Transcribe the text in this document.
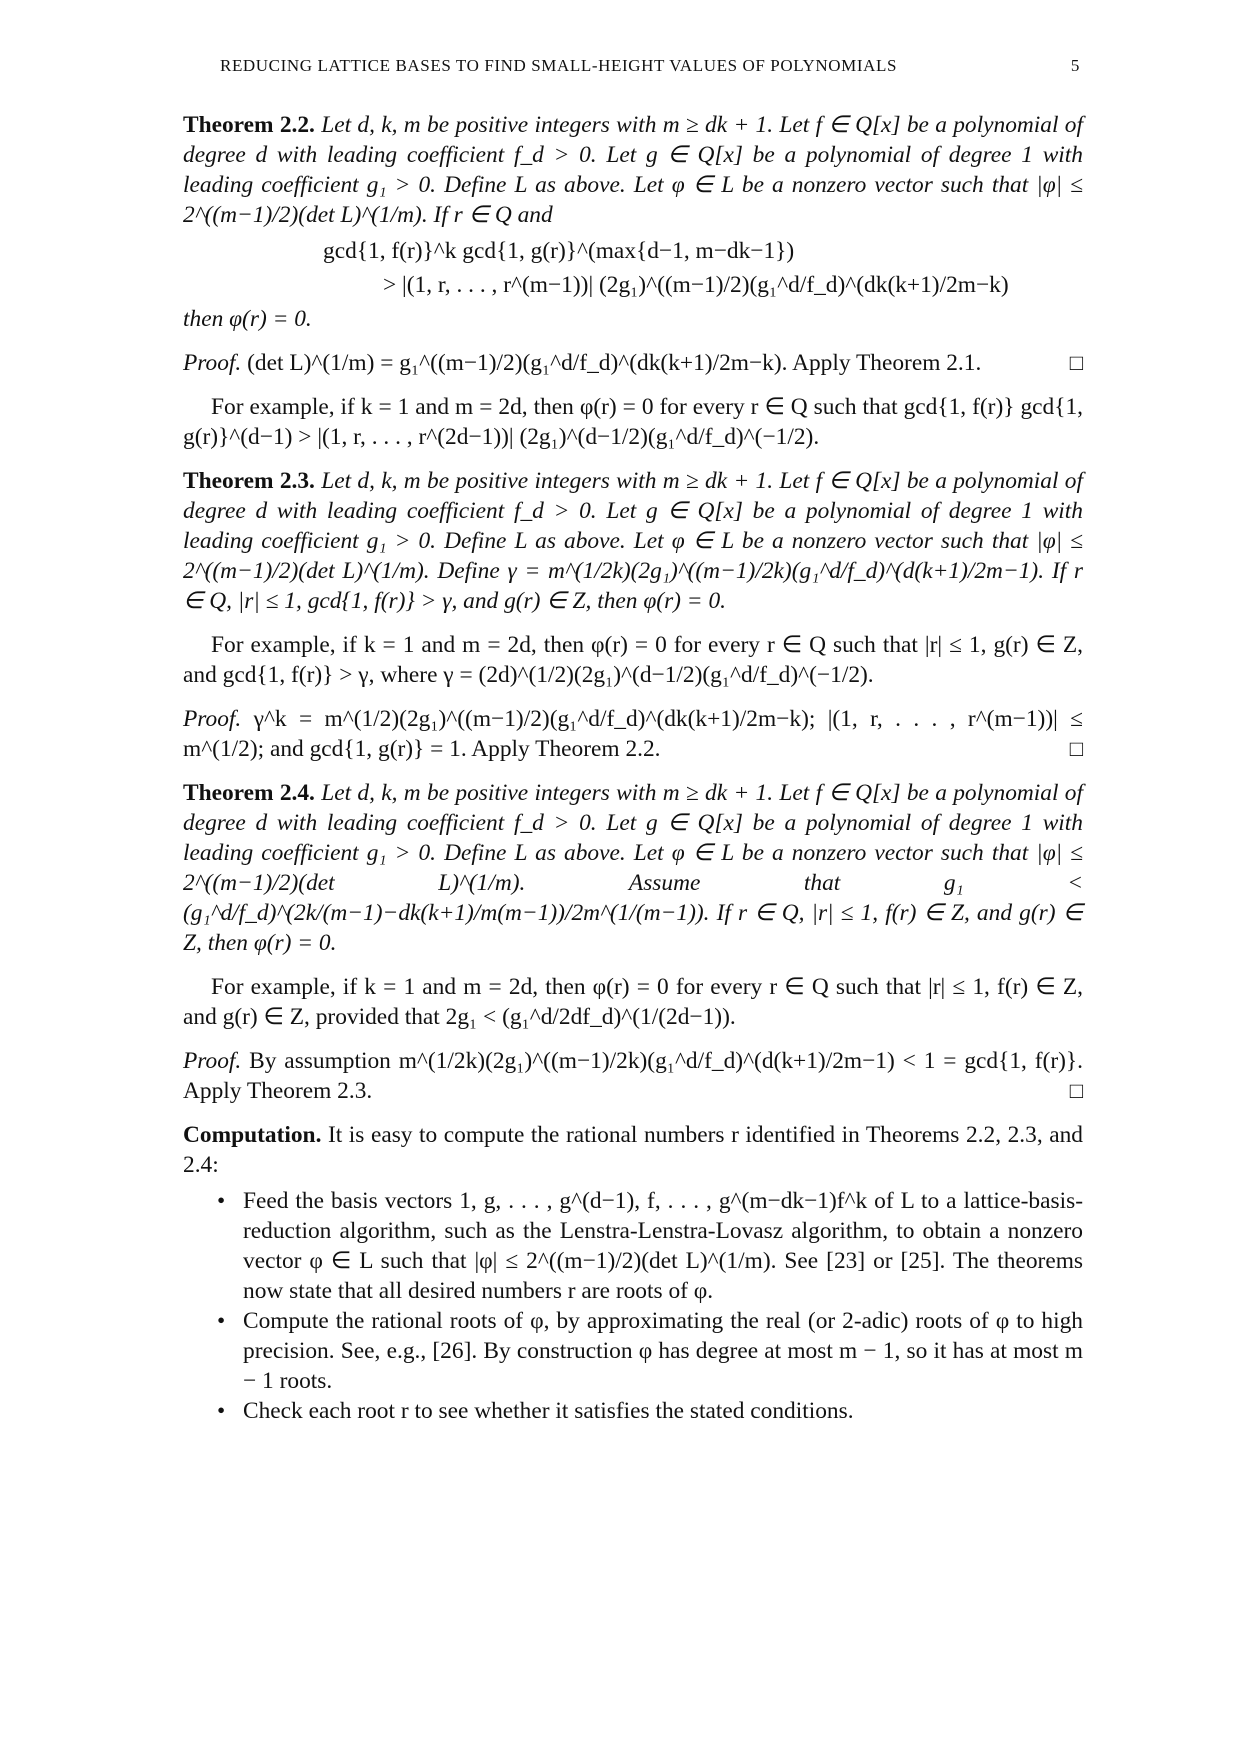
REDUCING LATTICE BASES TO FIND SMALL-HEIGHT VALUES OF POLYNOMIALS	5
Theorem 2.2. Let d, k, m be positive integers with m ≥ dk + 1. Let f ∈ Q[x] be a polynomial of degree d with leading coefficient f_d > 0. Let g ∈ Q[x] be a polynomial of degree 1 with leading coefficient g₁ > 0. Define L as above. Let φ ∈ L be a nonzero vector such that |φ| ≤ 2^((m−1)/2)(det L)^(1/m). If r ∈ Q and
gcd{1, f(r)}^k gcd{1, g(r)}^(max{d−1, m−dk−1})
> |(1, r, . . . , r^(m−1))| (2g₁)^((m−1)/2)(g₁^d/f_d)^(dk(k+1)/2m−k)
then φ(r) = 0.
Proof. (det L)^(1/m) = g₁^((m−1)/2)(g₁^d/f_d)^(dk(k+1)/2m−k). Apply Theorem 2.1.	□
For example, if k = 1 and m = 2d, then φ(r) = 0 for every r ∈ Q such that gcd{1, f(r)} gcd{1, g(r)}^(d−1) > |(1, r, . . . , r^(2d−1))| (2g₁)^(d−1/2)(g₁^d/f_d)^(−1/2).
Theorem 2.3. Let d, k, m be positive integers with m ≥ dk + 1. Let f ∈ Q[x] be a polynomial of degree d with leading coefficient f_d > 0. Let g ∈ Q[x] be a polynomial of degree 1 with leading coefficient g₁ > 0. Define L as above. Let φ ∈ L be a nonzero vector such that |φ| ≤ 2^((m−1)/2)(det L)^(1/m). Define γ = m^(1/2k)(2g₁)^((m−1)/2k)(g₁^d/f_d)^(d(k+1)/2m−1). If r ∈ Q, |r| ≤ 1, gcd{1, f(r)} > γ, and g(r) ∈ Z, then φ(r) = 0.
For example, if k = 1 and m = 2d, then φ(r) = 0 for every r ∈ Q such that |r| ≤ 1, g(r) ∈ Z, and gcd{1, f(r)} > γ, where γ = (2d)^(1/2)(2g₁)^(d−1/2)(g₁^d/f_d)^(−1/2).
Proof. γ^k = m^(1/2)(2g₁)^((m−1)/2)(g₁^d/f_d)^(dk(k+1)/2m−k); |(1, r, . . . , r^(m−1))| ≤ m^(1/2); and gcd{1, g(r)} = 1. Apply Theorem 2.2.	□
Theorem 2.4. Let d, k, m be positive integers with m ≥ dk + 1. Let f ∈ Q[x] be a polynomial of degree d with leading coefficient f_d > 0. Let g ∈ Q[x] be a polynomial of degree 1 with leading coefficient g₁ > 0. Define L as above. Let φ ∈ L be a nonzero vector such that |φ| ≤ 2^((m−1)/2)(det L)^(1/m). Assume that g₁ < (g₁^d/f_d)^(2k/(m−1)−dk(k+1)/m(m−1))/2m^(1/(m−1)). If r ∈ Q, |r| ≤ 1, f(r) ∈ Z, and g(r) ∈ Z, then φ(r) = 0.
For example, if k = 1 and m = 2d, then φ(r) = 0 for every r ∈ Q such that |r| ≤ 1, f(r) ∈ Z, and g(r) ∈ Z, provided that 2g₁ < (g₁^d/2df_d)^(1/(2d−1)).
Proof. By assumption m^(1/2k)(2g₁)^((m−1)/2k)(g₁^d/f_d)^(d(k+1)/2m−1) < 1 = gcd{1, f(r)}. Apply Theorem 2.3.	□
Computation. It is easy to compute the rational numbers r identified in Theorems 2.2, 2.3, and 2.4:
• Feed the basis vectors 1, g, . . . , g^(d−1), f, . . . , g^(m−dk−1)f^k of L to a lattice-basis-reduction algorithm, such as the Lenstra-Lenstra-Lovasz algorithm, to obtain a nonzero vector φ ∈ L such that |φ| ≤ 2^((m−1)/2)(det L)^(1/m). See [23] or [25]. The theorems now state that all desired numbers r are roots of φ.
• Compute the rational roots of φ, by approximating the real (or 2-adic) roots of φ to high precision. See, e.g., [26]. By construction φ has degree at most m − 1, so it has at most m − 1 roots.
• Check each root r to see whether it satisfies the stated conditions.
